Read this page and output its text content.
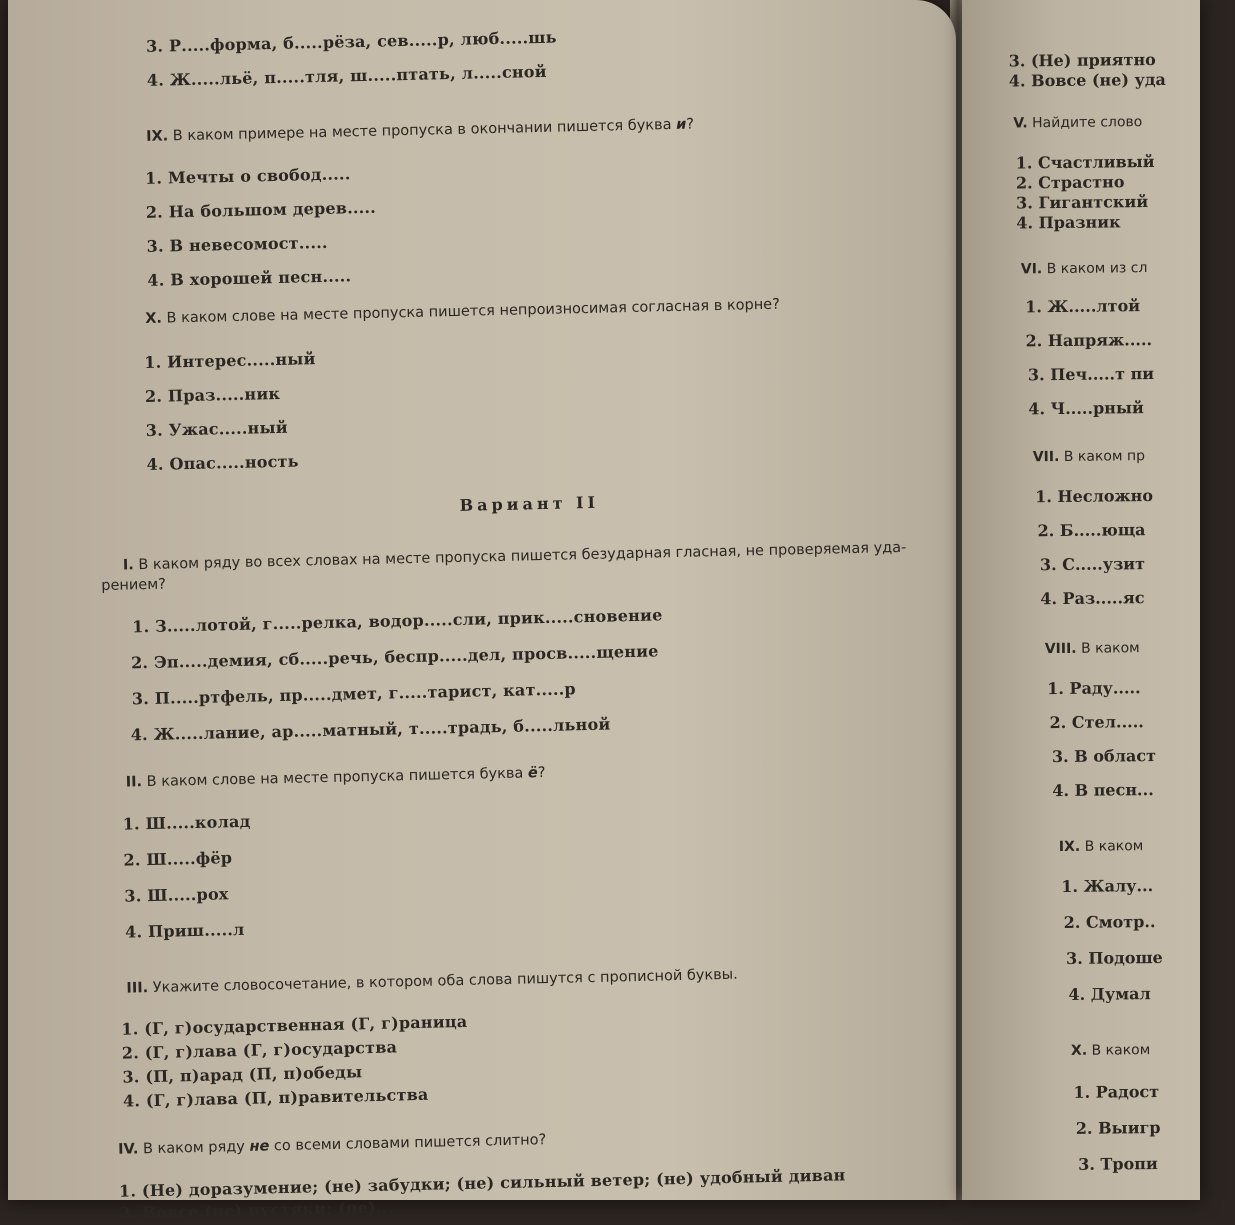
3. Р.....форма, б.....рёза, сев.....р, люб.....шь
4. Ж.....льё, п.....тля, ш.....птать, л.....сной
IX. В каком примере на месте пропуска в окончании пишется буква и?
1. Мечты о свобод.....
2. На большом дерев.....
3. В невесомост.....
4. В хорошей песн.....
X. В каком слове на месте пропуска пишется непроизносимая согласная в корне?
1. Интерес.....ный
2. Праз.....ник
3. Ужас.....ный
4. Опас.....ность
Вариант II
I. В каком ряду во всех словах на месте пропуска пишется безударная гласная, не проверяемая уда-
рением?
1. З.....лотой, г.....релка, водор.....сли, прик.....сновение
2. Эп.....демия, сб.....речь, беспр.....дел, просв.....щение
3. П.....ртфель, пр.....дмет, г.....тарист, кат.....р
4. Ж.....лание, ар.....матный, т.....традь, б.....льной
II. В каком слове на месте пропуска пишется буква ё?
1. Ш.....колад
2. Ш.....фёр
3. Ш.....рох
4. Приш.....л
III. Укажите словосочетание, в котором оба слова пишутся с прописной буквы.
1. (Г, г)осударственная (Г, г)раница
2. (Г, г)лава (Г, г)осударства
3. (П, п)арад (П, п)обеды
4. (Г, г)лава (П, п)равительства
IV. В каком ряду не со всеми словами пишется слитно?
1. (Не) доразумение; (не) забудки; (не) сильный ветер; (не) удобный диван
2. Вовсе (не) пустяки; (не)...
3. (Не) приятно
4. Вовсе (не) уда
V. Найдите слово
1. Счастливый
2. Страстно
3. Гигантский
4. Празник
VI. В каком из сл
1. Ж.....лтой
2. Напряж.....
3. Печ.....т пи
4. Ч.....рный
VII. В каком пр
1. Несложно
2. Б.....юща
3. С.....узит
4. Раз.....яс
VIII. В каком
1. Раду.....
2. Стел.....
3. В област
4. В песн...
IX. В каком
1. Жалу...
2. Смотр..
3. Подоше
4. Думал
X. В каком
1. Радост
2. Выигр
3. Тропи
